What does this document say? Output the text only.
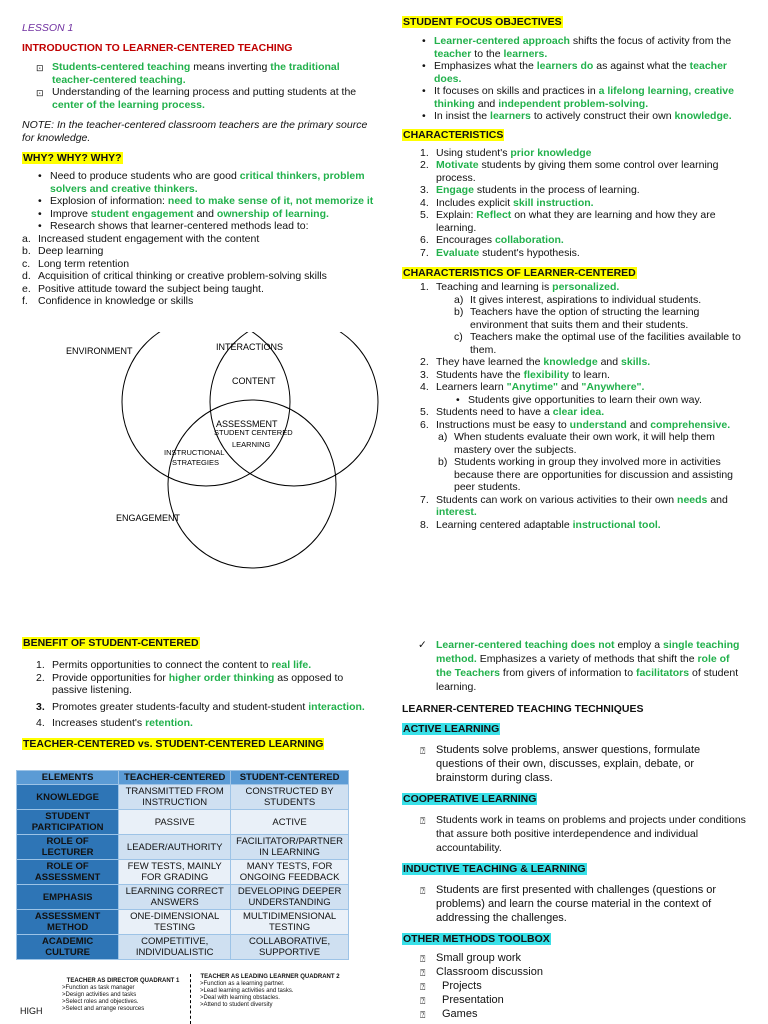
LESSON 1
INTRODUCTION TO LEARNER-CENTERED TEACHING
⊡ Students-centered teaching means inverting the traditional teacher-centered teaching.
⊡ Understanding of the learning process and putting students at the center of the learning process.

NOTE: In the teacher-centered classroom teachers are the primary source for knowledge.

WHY? WHY? WHY?
• Need to produce students who are good critical thinkers, problem solvers and creative thinkers.
• Explosion of information: need to make sense of it, not memorize it
• Improve student engagement and ownership of learning.
• Research shows that learner-centered methods lead to:
a. Increased student engagement with the content
b. Deep learning
c. Long term retention
d. Acquisition of critical thinking or creative problem-solving skills
e. Positive attitude toward the subject being taught.
f. Confidence in knowledge or skills
ENVIRONMENT	INTERACTIONS
CONTENT
ASSESSMENT
STUDENT CENTERED
LEARNING
INSTRUCTIONAL
STRATEGIES
ENGAGEMENT
STUDENT FOCUS OBJECTIVES
• Learner-centered approach shifts the focus of activity from the teacher to the learners.
• Emphasizes what the learners do as against what the teacher does.
• It focuses on skills and practices in a lifelong learning, creative thinking and independent problem-solving.
• In insist the learners to actively construct their own knowledge.
CHARACTERISTICS
1. Using student's prior knowledge
2. Motivate students by giving them some control over learning process.
3. Engage students in the process of learning.
4. Includes explicit skill instruction.
5. Explain: Reflect on what they are learning and how they are learning.
6. Encourages collaboration.
7. Evaluate student's hypothesis.
CHARACTERISTICS OF LEARNER-CENTERED
1. Teaching and learning is personalized.
a) It gives interest, aspirations to individual students.
b) Teachers have the option of structing the learning environment that suits them and their students.
c) Teachers make the optimal use of the facilities available to them.
2. They have learned the knowledge and skills.
3. Students have the flexibility to learn.
4. Learners learn "Anytime" and "Anywhere".
• Students give opportunities to learn their own way.
5. Students need to have a clear idea.
6. Instructions must be easy to understand and comprehensive.
a) When students evaluate their own work, it will help them mastery over the subjects.
b) Students working in group they involved more in activities because there are opportunities for discussion and assisting peer students.
7. Students can work on various activities to their own needs and interest.
8. Learning centered adaptable instructional tool.
BENEFIT OF STUDENT-CENTERED
1. Permits opportunities to connect the content to real life.
2. Provide opportunities for higher order thinking as opposed to passive listening.
3. Promotes greater students-faculty and student-student interaction.
4. Increases student's retention.
TEACHER-CENTERED vs. STUDENT-CENTERED LEARNING
ELEMENTS	TEACHER-CENTERED	STUDENT-CENTERED
KNOWLEDGE	TRANSMITTED FROM INSTRUCTION	CONSTRUCTED BY STUDENTS
STUDENT PARTICIPATION	PASSIVE	ACTIVE
ROLE OF LECTURER	LEADER/AUTHORITY	FACILITATOR/PARTNER IN LEARNING
ROLE OF ASSESSMENT	FEW TESTS, MAINLY FOR GRADING	MANY TESTS, FOR ONGOING FEEDBACK
EMPHASIS	LEARNING CORRECT ANSWERS	DEVELOPING DEEPER UNDERSTANDING
ASSESSMENT METHOD	ONE-DIMENSIONAL TESTING	MULTIDIMENSIONAL TESTING
ACADEMIC CULTURE	COMPETITIVE, INDIVIDUALISTIC	COLLABORATIVE, SUPPORTIVE
HIGH
TEACHER AS DIRECTOR QUADRANT 1
>Function as task manager
>Design activities and tasks
>Select roles and objectives.
>Select and arrange resources
TEACHER AS LEADING LEARNER QUADRANT 2
>Function as a learning partner.
>Lead learning activities and tasks.
>Deal with learning obstacles.
>Attend to student diversity
✓ Learner-centered teaching does not employ a single teaching method. Emphasizes a variety of methods that shift the role of the Teachers from givers of information to facilitators of student learning.
LEARNER-CENTERED TEACHING TECHNIQUES
ACTIVE LEARNING
⍰ Students solve problems, answer questions, formulate questions of their own, discusses, explain, debate, or brainstorm during class.
COOPERATIVE LEARNING
⍰ Students work in teams on problems and projects under conditions that assure both positive interdependence and individual accountability.
INDUCTIVE TEACHING & LEARNING
⍰ Students are first presented with challenges (questions or problems) and learn the course material in the context of addressing the challenges.
OTHER METHODS TOOLBOX
⍰ Small group work
⍰ Classroom discussion
⍰ Projects
⍰ Presentation
⍰ Games
